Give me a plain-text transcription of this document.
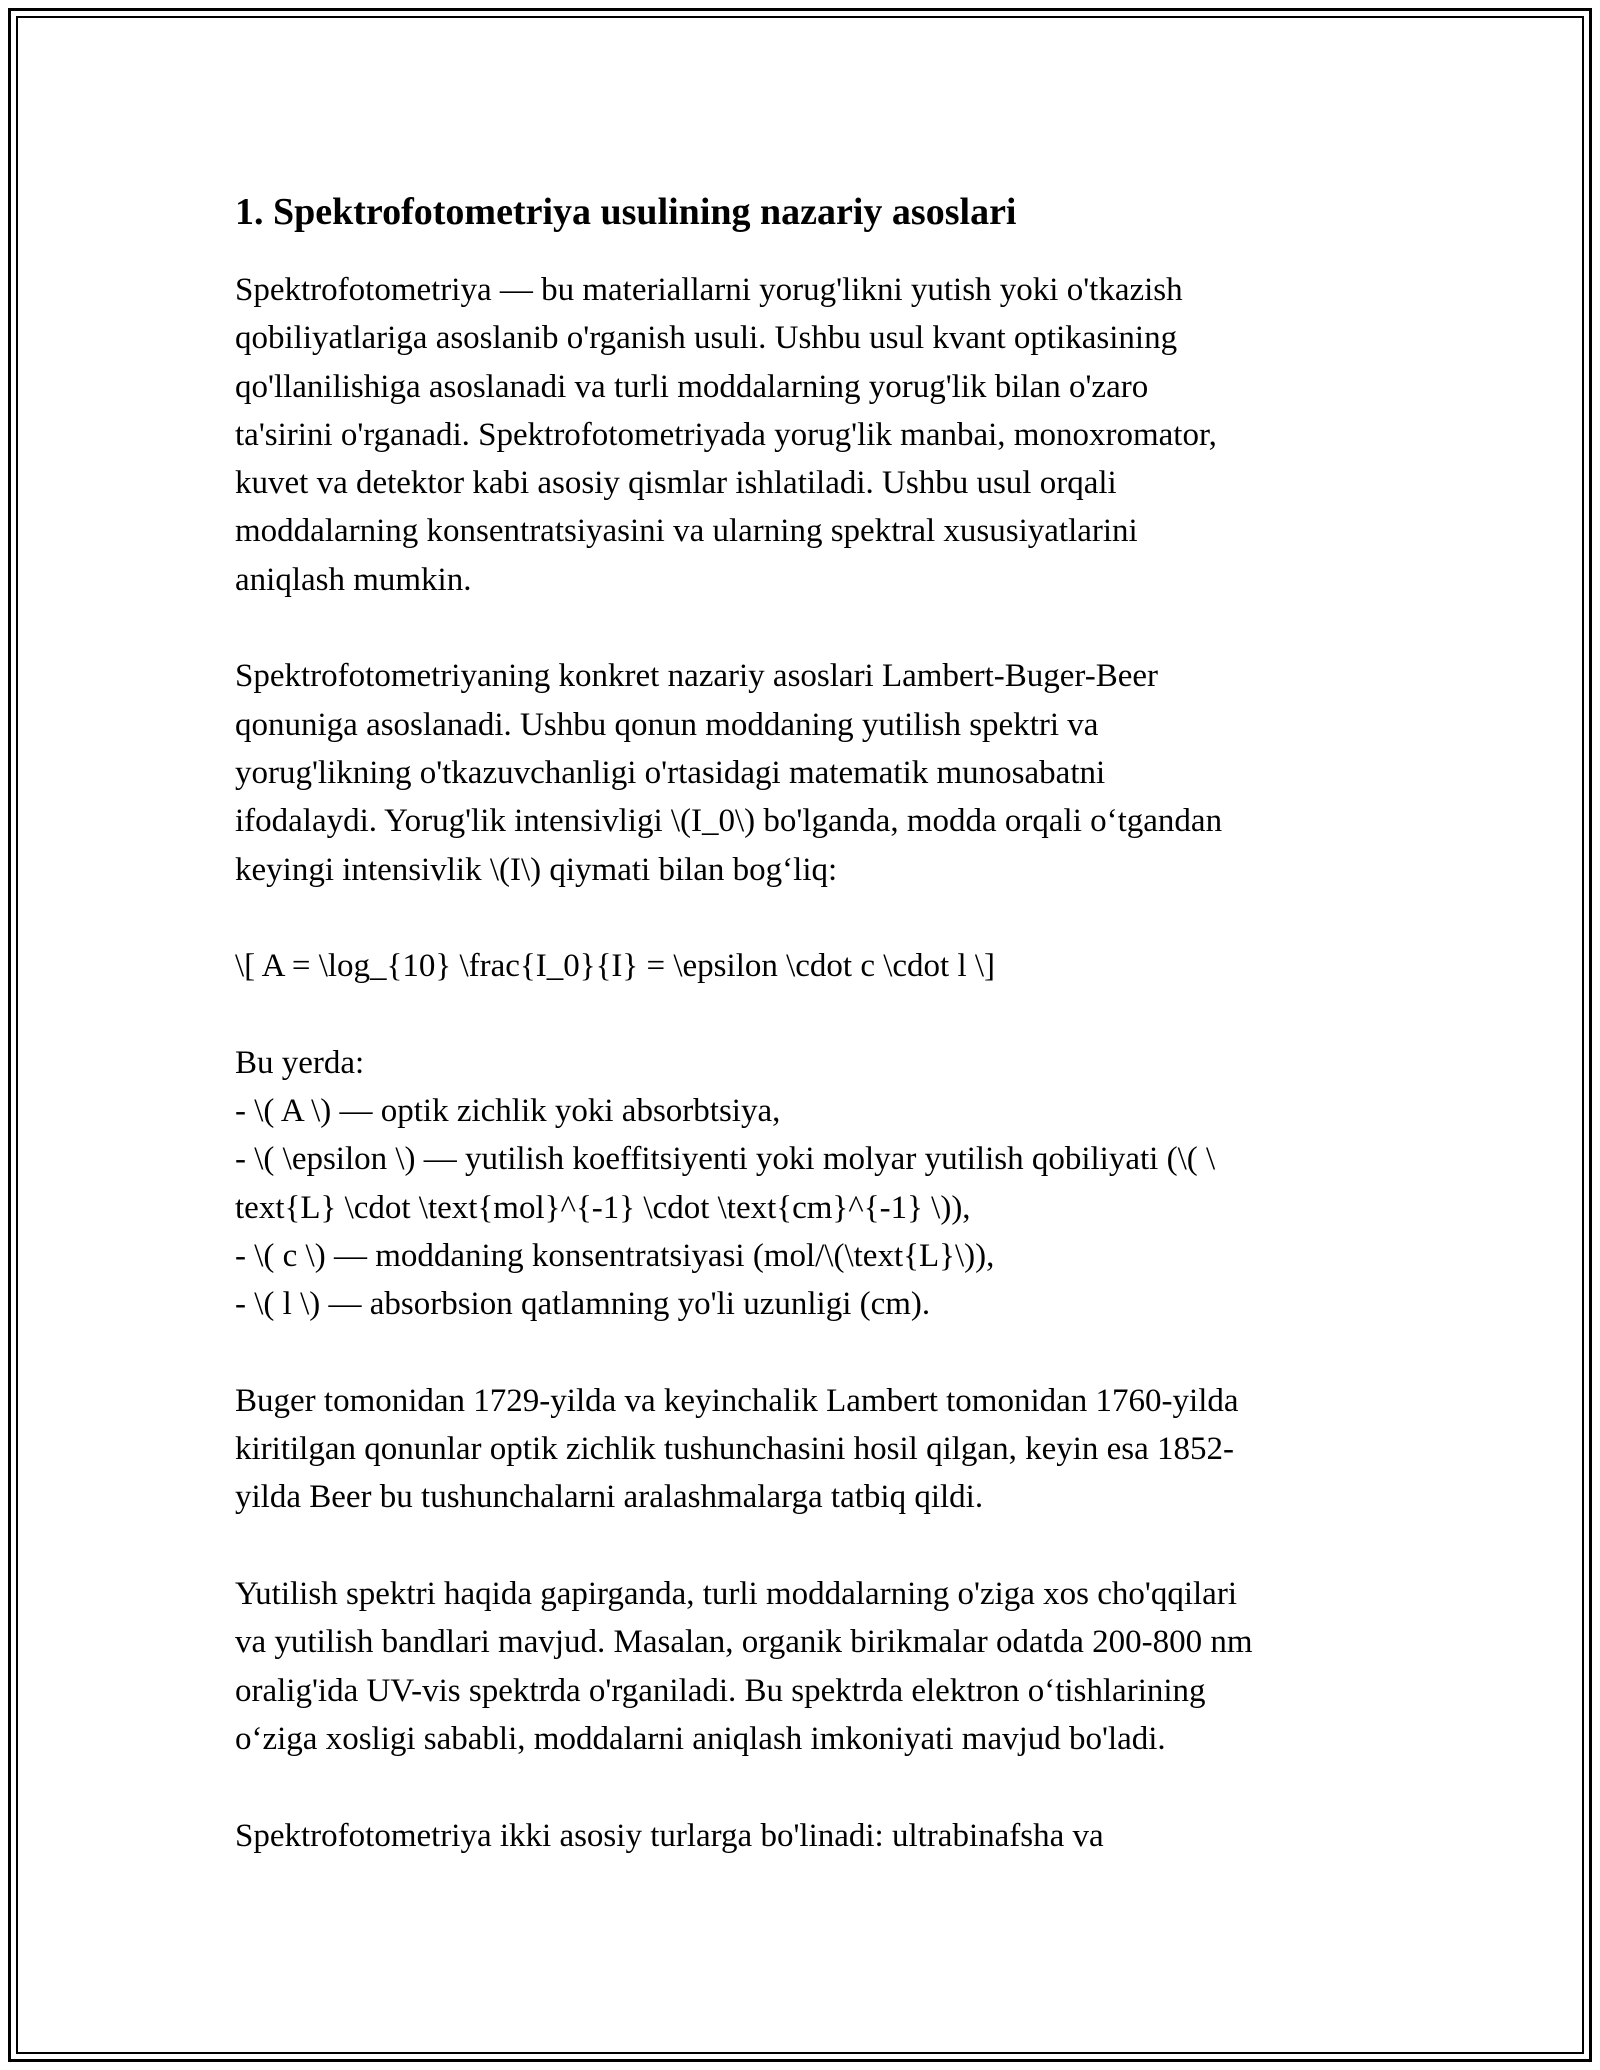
1. Spektrofotometriya usulining nazariy asoslari
Spektrofotometriya — bu materiallarni yorug'likni yutish yoki o'tkazish
qobiliyatlariga asoslanib o'rganish usuli. Ushbu usul kvant optikasining
qo'llanilishiga asoslanadi va turli moddalarning yorug'lik bilan o'zaro
ta'sirini o'rganadi. Spektrofotometriyada yorug'lik manbai, monoxromator,
kuvet va detektor kabi asosiy qismlar ishlatiladi. Ushbu usul orqali
moddalarning konsentratsiyasini va ularning spektral xususiyatlarini
aniqlash mumkin.
Spektrofotometriyaning konkret nazariy asoslari Lambert-Buger-Beer
qonuniga asoslanadi. Ushbu qonun moddaning yutilish spektri va
yorug'likning o'tkazuvchanligi o'rtasidagi matematik munosabatni
ifodalaydi. Yorug'lik intensivligi \(I_0\) bo'lganda, modda orqali o‘tgandan
keyingi intensivlik \(I\) qiymati bilan bog‘liq:
\[ A = \log_{10} \frac{I_0}{I} = \epsilon \cdot c \cdot l \]
Bu yerda:
- \( A \) — optik zichlik yoki absorbtsiya,
- \( \epsilon \) — yutilish koeffitsiyenti yoki molyar yutilish qobiliyati (\( \
text{L} \cdot \text{mol}^{-1} \cdot \text{cm}^{-1} \)),
- \( c \) — moddaning konsentratsiyasi (mol/\(\text{L}\)),
- \( l \) — absorbsion qatlamning yo'li uzunligi (cm).
Buger tomonidan 1729-yilda va keyinchalik Lambert tomonidan 1760-yilda
kiritilgan qonunlar optik zichlik tushunchasini hosil qilgan, keyin esa 1852-
yilda Beer bu tushunchalarni aralashmalarga tatbiq qildi.
Yutilish spektri haqida gapirganda, turli moddalarning o'ziga xos cho'qqilari
va yutilish bandlari mavjud. Masalan, organik birikmalar odatda 200-800 nm
oralig'ida UV-vis spektrda o'rganiladi. Bu spektrda elektron o‘tishlarining
o‘ziga xosligi sababli, moddalarni aniqlash imkoniyati mavjud bo'ladi.
Spektrofotometriya ikki asosiy turlarga bo'linadi: ultrabinafsha va
